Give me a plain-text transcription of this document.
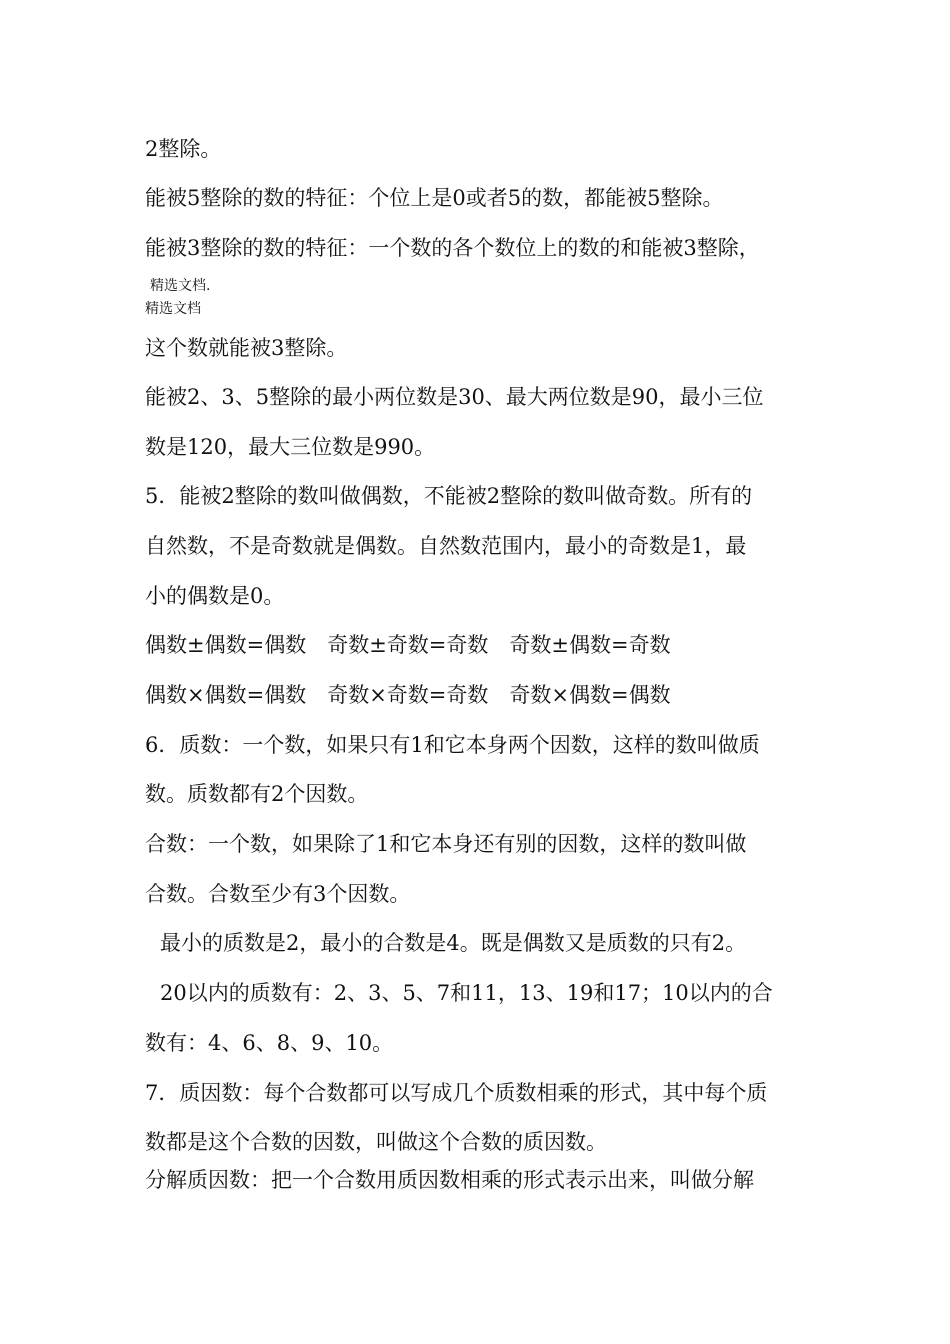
2整除。
能被5整除的数的特征：个位上是0或者5的数，都能被5整除。
能被3整除的数的特征：一个数的各个数位上的数的和能被3整除，
精选文档.
精选文档
这个数就能被3整除。
能被2、3、5整除的最小两位数是30、最大两位数是90，最小三位
数是120，最大三位数是990。
5．能被2整除的数叫做偶数，不能被2整除的数叫做奇数。所有的
自然数，不是奇数就是偶数。自然数范围内，最小的奇数是1，最
小的偶数是0。
偶数±偶数=偶数　奇数±奇数=奇数　奇数±偶数=奇数
偶数×偶数=偶数　奇数×奇数=奇数　奇数×偶数=偶数
6．质数：一个数，如果只有1和它本身两个因数，这样的数叫做质
数。质数都有2个因数。
合数：一个数，如果除了1和它本身还有别的因数，这样的数叫做
合数。合数至少有3个因数。
最小的质数是2，最小的合数是4。既是偶数又是质数的只有2。
20以内的质数有：2、3、5、7和11，13、19和17；10以内的合
数有：4、6、8、9、10。
7．质因数：每个合数都可以写成几个质数相乘的形式，其中每个质
数都是这个合数的因数，叫做这个合数的质因数。
分解质因数：把一个合数用质因数相乘的形式表示出来，叫做分解
